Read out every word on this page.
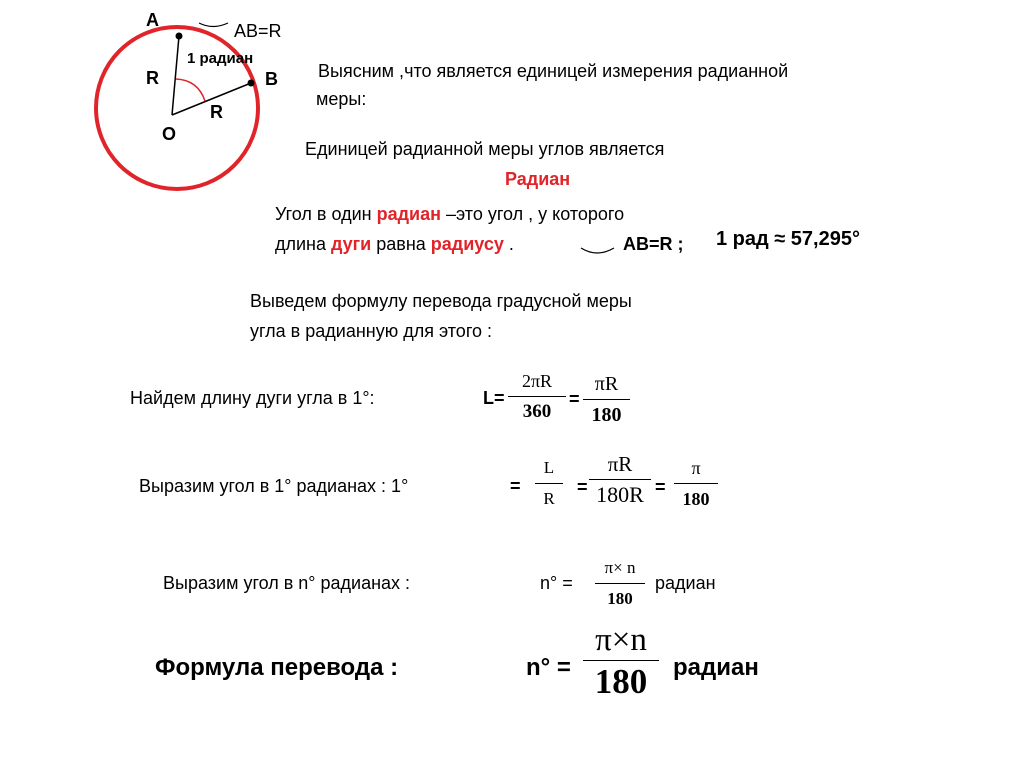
A
AB=R
1 радиан
R	B
R
O
Выясним ,что является единицей измерения радианной
меры:
Единицей радианной меры углов является
Радиан
Угол в один радиан –это угол , у которого
длина дуги равна радиусу .	AB=R ; 1 рад ≈ 57,295°
Выведем формулу перевода градусной меры
угла в радианную для этого :
Найдем длину дуги угла в 1°:	L=
2πR
360
=
πR
180
Выразим угол в 1° радианах : 1°	=
L
R
=
πR
180R =
π
180
Выразим угол в n° радианах :	n° =
π× n
180
радиан
Формула перевода :	n° =
π×n
180	радиан
